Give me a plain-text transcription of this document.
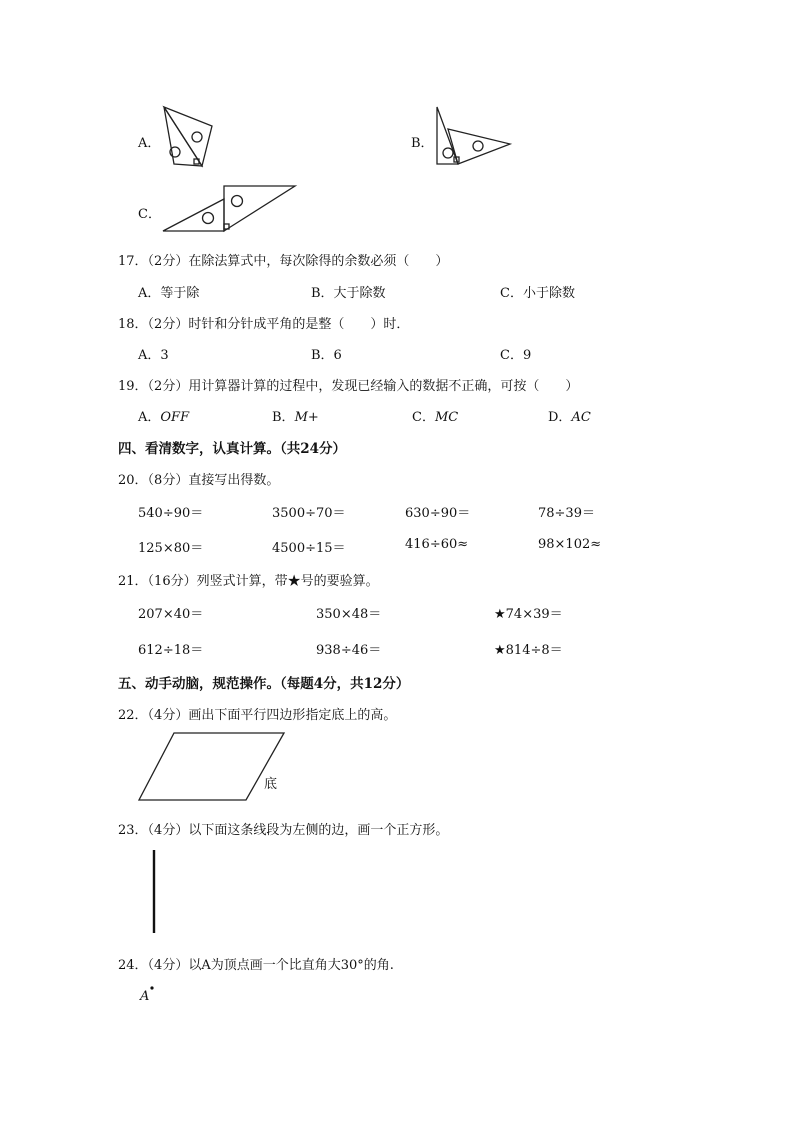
A．	B．
C．
17．（2分）在除法算式中，每次除得的余数必须（　　）
A．等于除	B．大于除数	C．小于除数
18．（2分）时针和分针成平角的是整（　　）时．
A．3	B．6	C．9
19．（2分）用计算器计算的过程中，发现已经输入的数据不正确，可按（　　）
A．OFF	B．M+	C．MC	D．AC
四、看清数字，认真计算。（共24分）
20．（8分）直接写出得数。
540÷90＝	3500÷70＝	630÷90＝	78÷39＝
125×80＝	4500÷15＝	416÷60≈	98×102≈
21．（16分）列竖式计算，带★号的要验算。
207×40＝	350×48＝	★74×39＝
612÷18＝	938÷46＝	★814÷8＝
五、动手动脑，规范操作。（每题4分，共12分）
22．（4分）画出下面平行四边形指定底上的高。
底
23．（4分）以下面这条线段为左侧的边，画一个正方形。
24．（4分）以A为顶点画一个比直角大30°的角.
A
